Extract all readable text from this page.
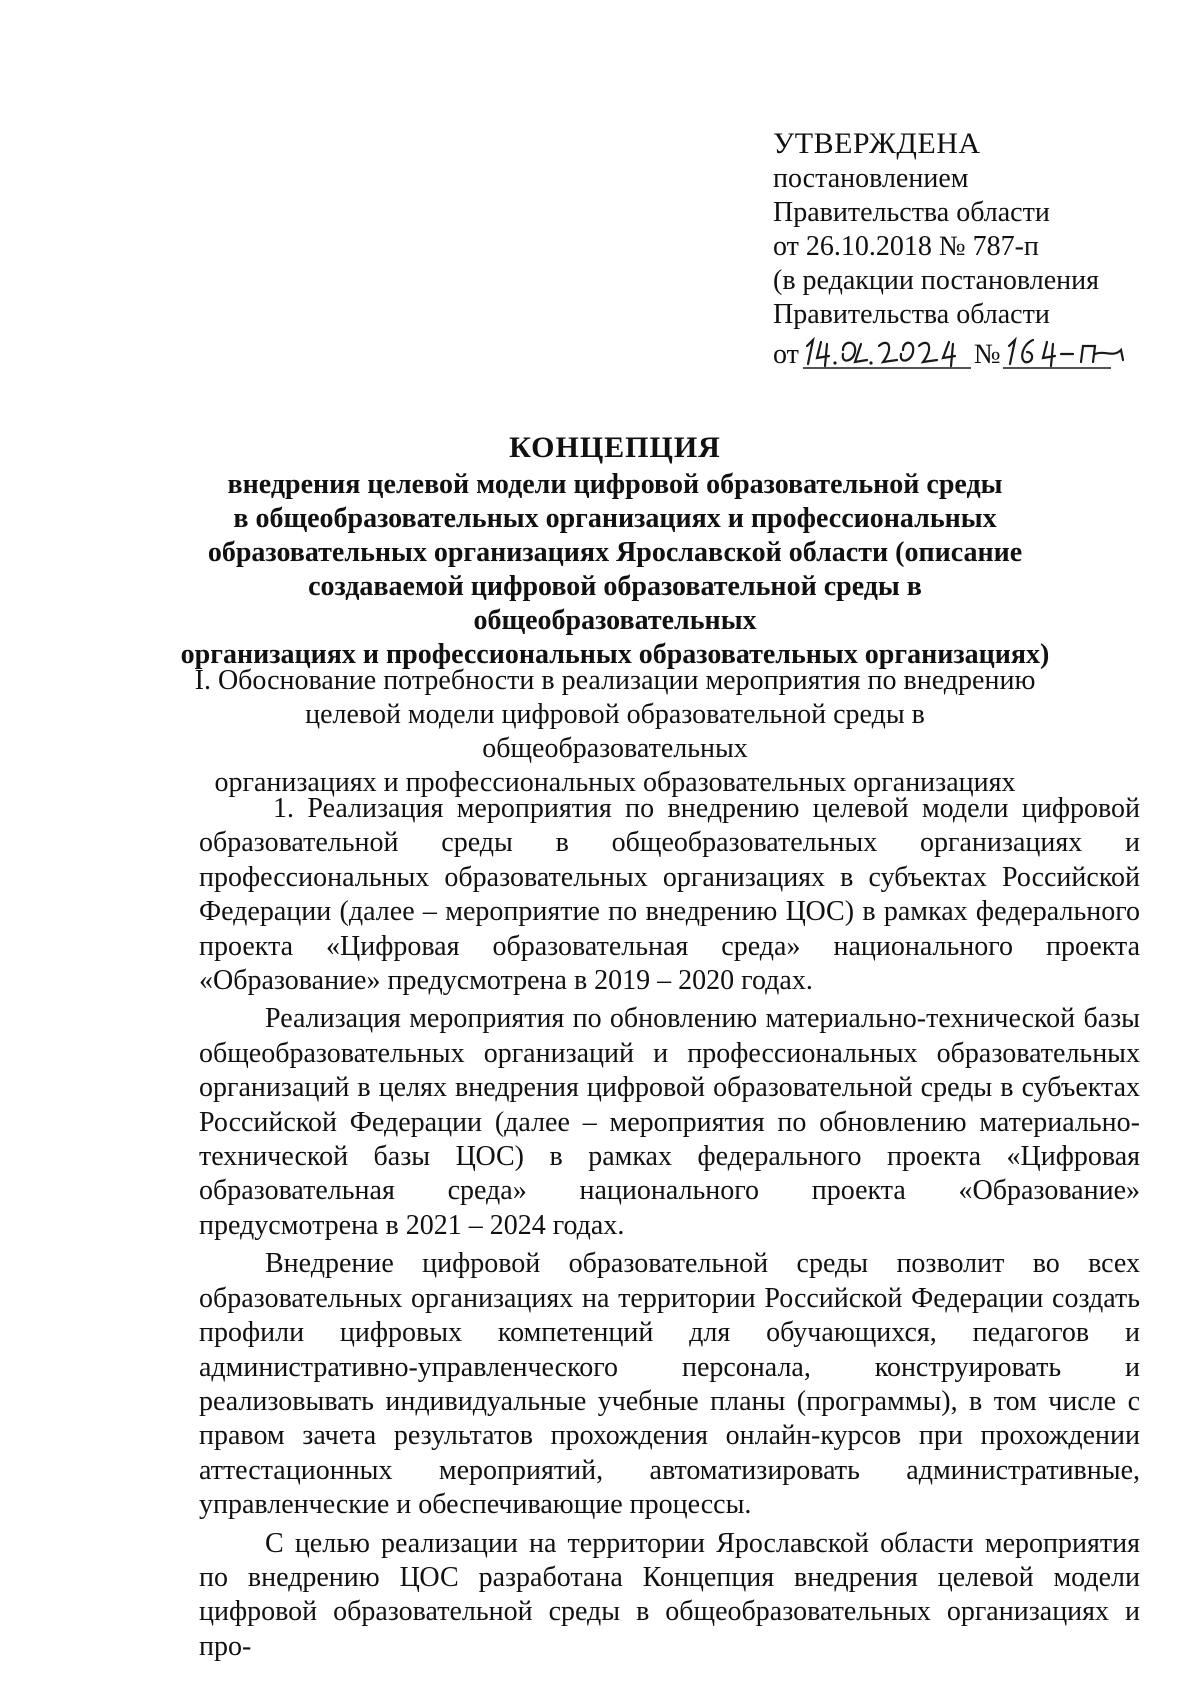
УТВЕРЖДЕНА
постановлением
Правительства области
от 26.10.2018 № 787-п
(в редакции постановления
Правительства области
от	№
КОНЦЕПЦИЯ
внедрения целевой модели цифровой образовательной среды
в общеобразовательных организациях и профессиональных
образовательных организациях Ярославской области (описание
создаваемой цифровой образовательной среды в общеобразовательных
организациях и профессиональных образовательных организациях)
I. Обоснование потребности в реализации мероприятия по внедрению
целевой модели цифровой образовательной среды в общеобразовательных
организациях и профессиональных образовательных организациях

1. Реализация мероприятия по внедрению целевой модели цифровой образовательной среды в общеобразовательных организациях и профессиональных образовательных организациях в субъектах Российской Федерации (далее – мероприятие по внедрению ЦОС) в рамках федерального проекта «Цифровая образовательная среда» национального проекта «Образование» предусмотрена в 2019 – 2020 годах.

Реализация мероприятия по обновлению материально-технической базы общеобразовательных организаций и профессиональных образовательных организаций в целях внедрения цифровой образовательной среды в субъектах Российской Федерации (далее – мероприятия по обновлению материально-технической базы ЦОС) в рамках федерального проекта «Цифровая образовательная среда» национального проекта «Образование» предусмотрена в 2021 – 2024 годах.

Внедрение цифровой образовательной среды позволит во всех образовательных организациях на территории Российской Федерации создать профили цифровых компетенций для обучающихся, педагогов и административно-управленческого персонала, конструировать и реализовывать индивидуальные учебные планы (программы), в том числе с правом зачета результатов прохождения онлайн-курсов при прохождении аттестационных мероприятий, автоматизировать административные, управленческие и обеспечивающие процессы.

С целью реализации на территории Ярославской области мероприятия по внедрению ЦОС разработана Концепция внедрения целевой модели цифровой образовательной среды в общеобразовательных организациях и про-
